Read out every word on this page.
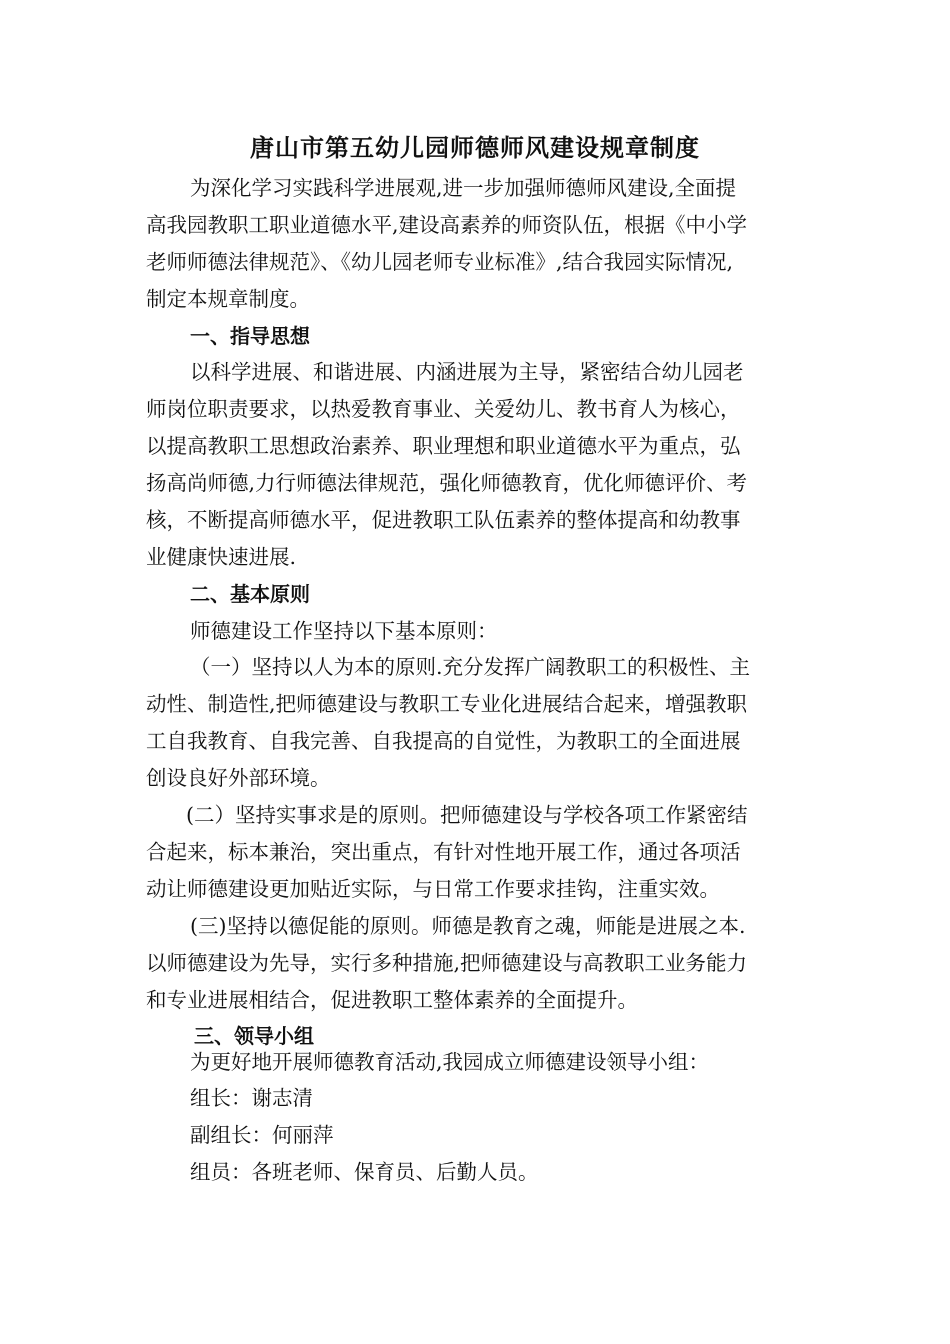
唐山市第五幼儿园师德师风建设规章制度
为深化学习实践科学进展观,进一步加强师德师风建设,全面提
高我园教职工职业道德水平,建设高素养的师资队伍，根据《中小学
老师师德法律规范》、《幼儿园老师专业标准》,结合我园实际情况,
制定本规章制度。
一、指导思想
以科学进展、和谐进展、内涵进展为主导，紧密结合幼儿园老
师岗位职责要求，以热爱教育事业、关爱幼儿、教书育人为核心，
以提高教职工思想政治素养、职业理想和职业道德水平为重点，弘
扬高尚师德,力行师德法律规范，强化师德教育，优化师德评价、考
核，不断提高师德水平，促进教职工队伍素养的整体提高和幼教事
业健康快速进展.
二、基本原则
师德建设工作坚持以下基本原则：
（一）坚持以人为本的原则.充分发挥广阔教职工的积极性、主
动性、制造性,把师德建设与教职工专业化进展结合起来，增强教职
工自我教育、自我完善、自我提高的自觉性，为教职工的全面进展
创设良好外部环境。
(二）坚持实事求是的原则。把师德建设与学校各项工作紧密结
合起来，标本兼治，突出重点，有针对性地开展工作，通过各项活
动让师德建设更加贴近实际，与日常工作要求挂钩，注重实效。
(三)坚持以德促能的原则。师德是教育之魂，师能是进展之本.
以师德建设为先导，实行多种措施,把师德建设与高教职工业务能力
和专业进展相结合，促进教职工整体素养的全面提升。
三、领导小组
为更好地开展师德教育活动,我园成立师德建设领导小组：
组长：谢志清
副组长：何丽萍
组员：各班老师、保育员、后勤人员。
